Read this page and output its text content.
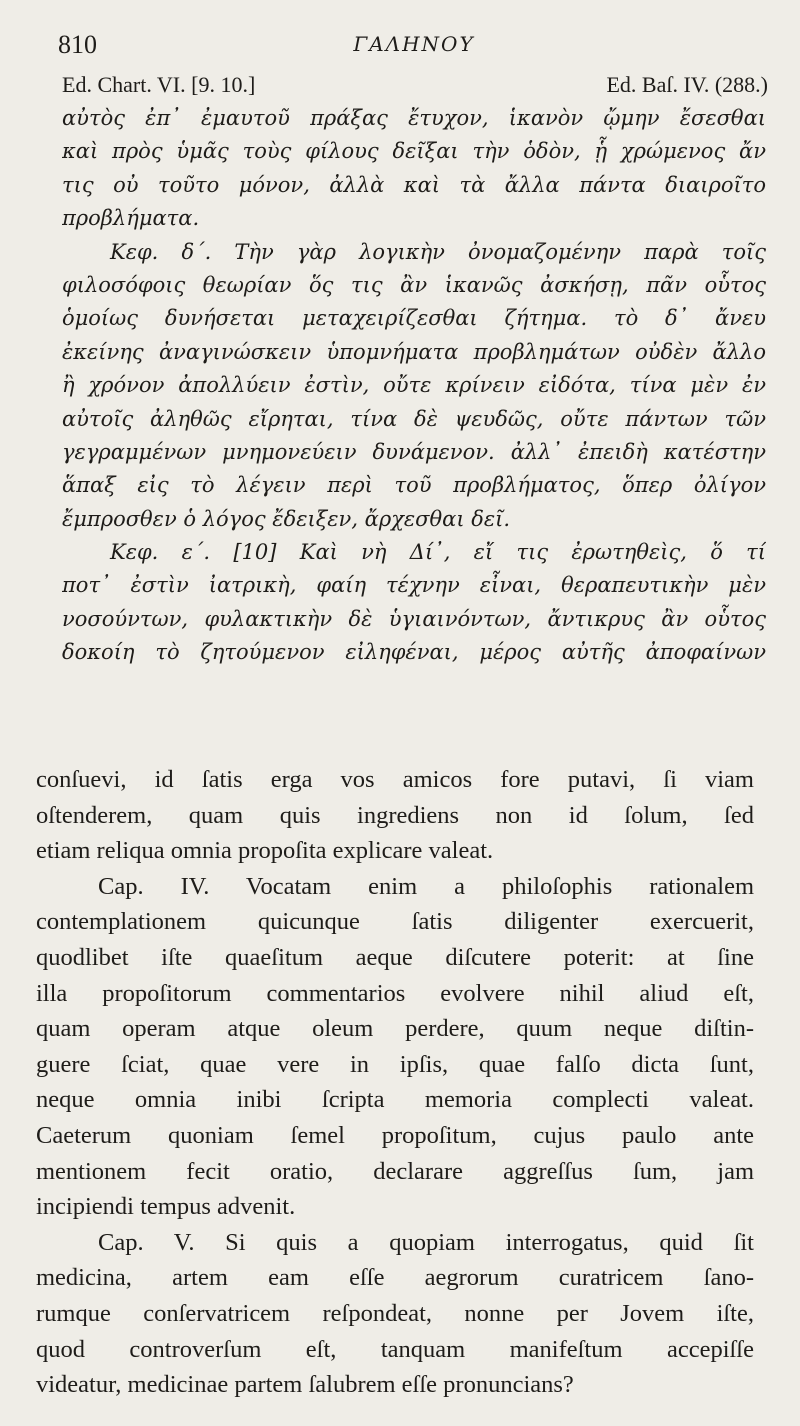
810	ΓΑΛΗΝΟΥ
Ed. Chart. VI. [9. 10.]	Ed. Baſ. IV. (288.)
αὐτὸς ἐπ᾽ ἐμαυτοῦ πράξας ἔτυχον, ἱκανὸν ᾤμην ἔσεσθαι
καὶ πρὸς ὑμᾶς τοὺς φίλους δεῖξαι τὴν ὁδὸν, ᾗ χρώμενος ἄν
τις οὐ τοῦτο μόνον, ἀλλὰ καὶ τὰ ἄλλα πάντα διαιροῖτο
προβλήματα.
Κεφ. δ΄. Τὴν γὰρ λογικὴν ὀνομαζομένην παρὰ τοῖς
φιλοσόφοις θεωρίαν ὅς τις ἂν ἱκανῶς ἀσκήσῃ, πᾶν οὗτος
ὁμοίως δυνήσεται μεταχειρίζεσθαι ζήτημα. τὸ δ᾽ ἄνευ
ἐκείνης ἀναγινώσκειν ὑπομνήματα προβλημάτων οὐδὲν ἄλλο
ἢ χρόνον ἀπολλύειν ἐστὶν, οὔτε κρίνειν εἰδότα, τίνα μὲν ἐν
αὐτοῖς ἀληθῶς εἴρηται, τίνα δὲ ψευδῶς, οὔτε πάντων τῶν
γεγραμμένων μνημονεύειν δυνάμενον. ἀλλ᾽ ἐπειδὴ κατέστην
ἅπαξ εἰς τὸ λέγειν περὶ τοῦ προβλήματος, ὅπερ ὀλίγον
ἔμπροσθεν ὁ λόγος ἔδειξεν, ἄρχεσθαι δεῖ.
Κεφ. ε΄. [10] Καὶ νὴ Δί᾽, εἴ τις ἐρωτηθεὶς, ὅ τί
ποτ᾽ ἐστὶν ἰατρικὴ, φαίη τέχνην εἶναι, θεραπευτικὴν μὲν
νοσούντων, φυλακτικὴν δὲ ὑγιαινόντων, ἄντικρυς ἂν οὗτος
δοκοίη τὸ ζητούμενον εἰληφέναι, μέρος αὐτῆς ἀποφαίνων
conſuevi, id ſatis erga vos amicos fore putavi, ſi viam
oſtenderem, quam quis ingrediens non id ſolum, ſed
etiam reliqua omnia propoſita explicare valeat.
Cap. IV. Vocatam enim a philoſophis rationalem
contemplationem quicunque ſatis diligenter exercuerit,
quodlibet iſte quaeſitum aeque diſcutere poterit: at ſine
illa propoſitorum commentarios evolvere nihil aliud eſt,
quam operam atque oleum perdere, quum neque diſtin-
guere ſciat, quae vere in ipſis, quae falſo dicta ſunt,
neque omnia inibi ſcripta memoria complecti valeat.
Caeterum quoniam ſemel propoſitum, cujus paulo ante
mentionem fecit oratio, declarare aggreſſus ſum, jam
incipiendi tempus advenit.
Cap. V. Si quis a quopiam interrogatus, quid ſit
medicina, artem eam eſſe aegrorum curatricem ſano-
rumque conſervatricem reſpondeat, nonne per Jovem iſte,
quod controverſum eſt, tanquam manifeſtum accepiſſe
videatur, medicinae partem ſalubrem eſſe pronuncians?
